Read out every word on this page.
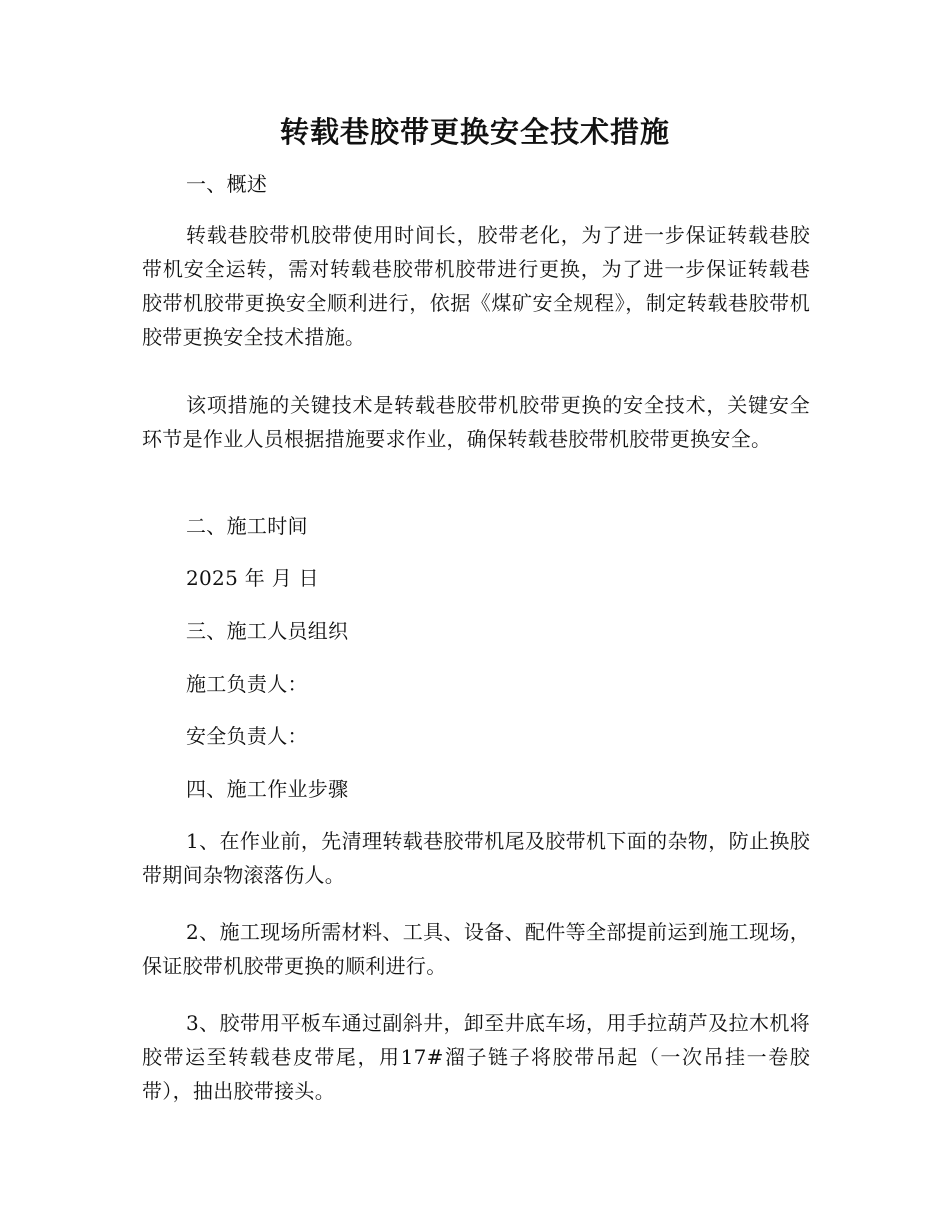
转载巷胶带更换安全技术措施
一、概述
转载巷胶带机胶带使用时间长，胶带老化，为了进一步保证转载巷胶带机安全运转，需对转载巷胶带机胶带进行更换，为了进一步保证转载巷胶带机胶带更换安全顺利进行，依据《煤矿安全规程》，制定转载巷胶带机胶带更换安全技术措施。
该项措施的关键技术是转载巷胶带机胶带更换的安全技术，关键安全环节是作业人员根据措施要求作业，确保转载巷胶带机胶带更换安全。
二、施工时间
2025 年 月 日
三、施工人员组织
施工负责人：
安全负责人：
四、施工作业步骤
1、在作业前，先清理转载巷胶带机尾及胶带机下面的杂物，防止换胶带期间杂物滚落伤人。
2、施工现场所需材料、工具、设备、配件等全部提前运到施工现场，保证胶带机胶带更换的顺利进行。
3、胶带用平板车通过副斜井，卸至井底车场，用手拉葫芦及拉木机将胶带运至转载巷皮带尾，用17#溜子链子将胶带吊起（一次吊挂一卷胶带），抽出胶带接头。
